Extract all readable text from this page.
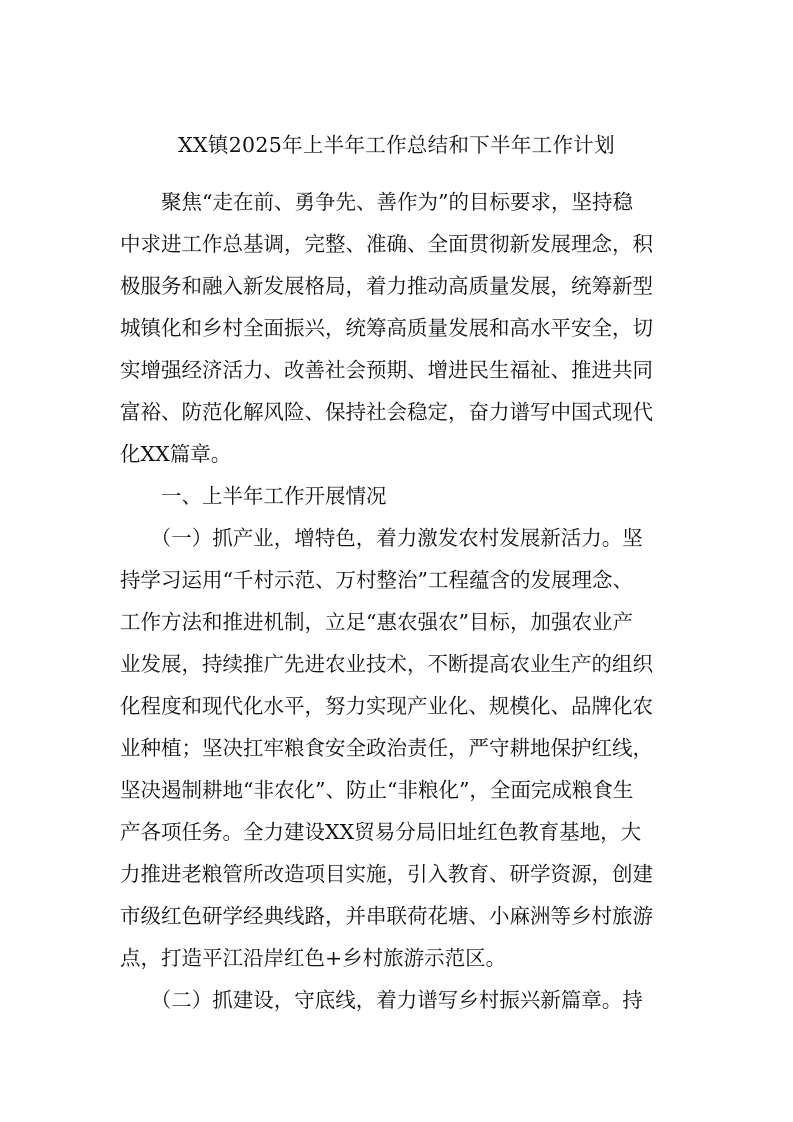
XX镇2025年上半年工作总结和下半年工作计划

　　聚焦“走在前、勇争先、善作为”的目标要求，坚持稳

中求进工作总基调，完整、准确、全面贯彻新发展理念，积

极服务和融入新发展格局，着力推动高质量发展，统筹新型

城镇化和乡村全面振兴，统筹高质量发展和高水平安全，切

实增强经济活力、改善社会预期、增进民生福祉、推进共同

富裕、防范化解风险、保持社会稳定，奋力谱写中国式现代

化XX篇章。

　　一、上半年工作开展情况

　　（一）抓产业，增特色，着力激发农村发展新活力。坚

持学习运用“千村示范、万村整治”工程蕴含的发展理念、

工作方法和推进机制，立足“惠农强农”目标，加强农业产

业发展，持续推广先进农业技术，不断提高农业生产的组织

化程度和现代化水平，努力实现产业化、规模化、品牌化农

业种植；坚决扛牢粮食安全政治责任，严守耕地保护红线，

坚决遏制耕地“非农化”、防止“非粮化”，全面完成粮食生

产各项任务。全力建设XX贸易分局旧址红色教育基地，大

力推进老粮管所改造项目实施，引入教育、研学资源，创建

市级红色研学经典线路，并串联荷花塘、小麻洲等乡村旅游

点，打造平江沿岸红色+乡村旅游示范区。

　　（二）抓建设，守底线，着力谱写乡村振兴新篇章。持
